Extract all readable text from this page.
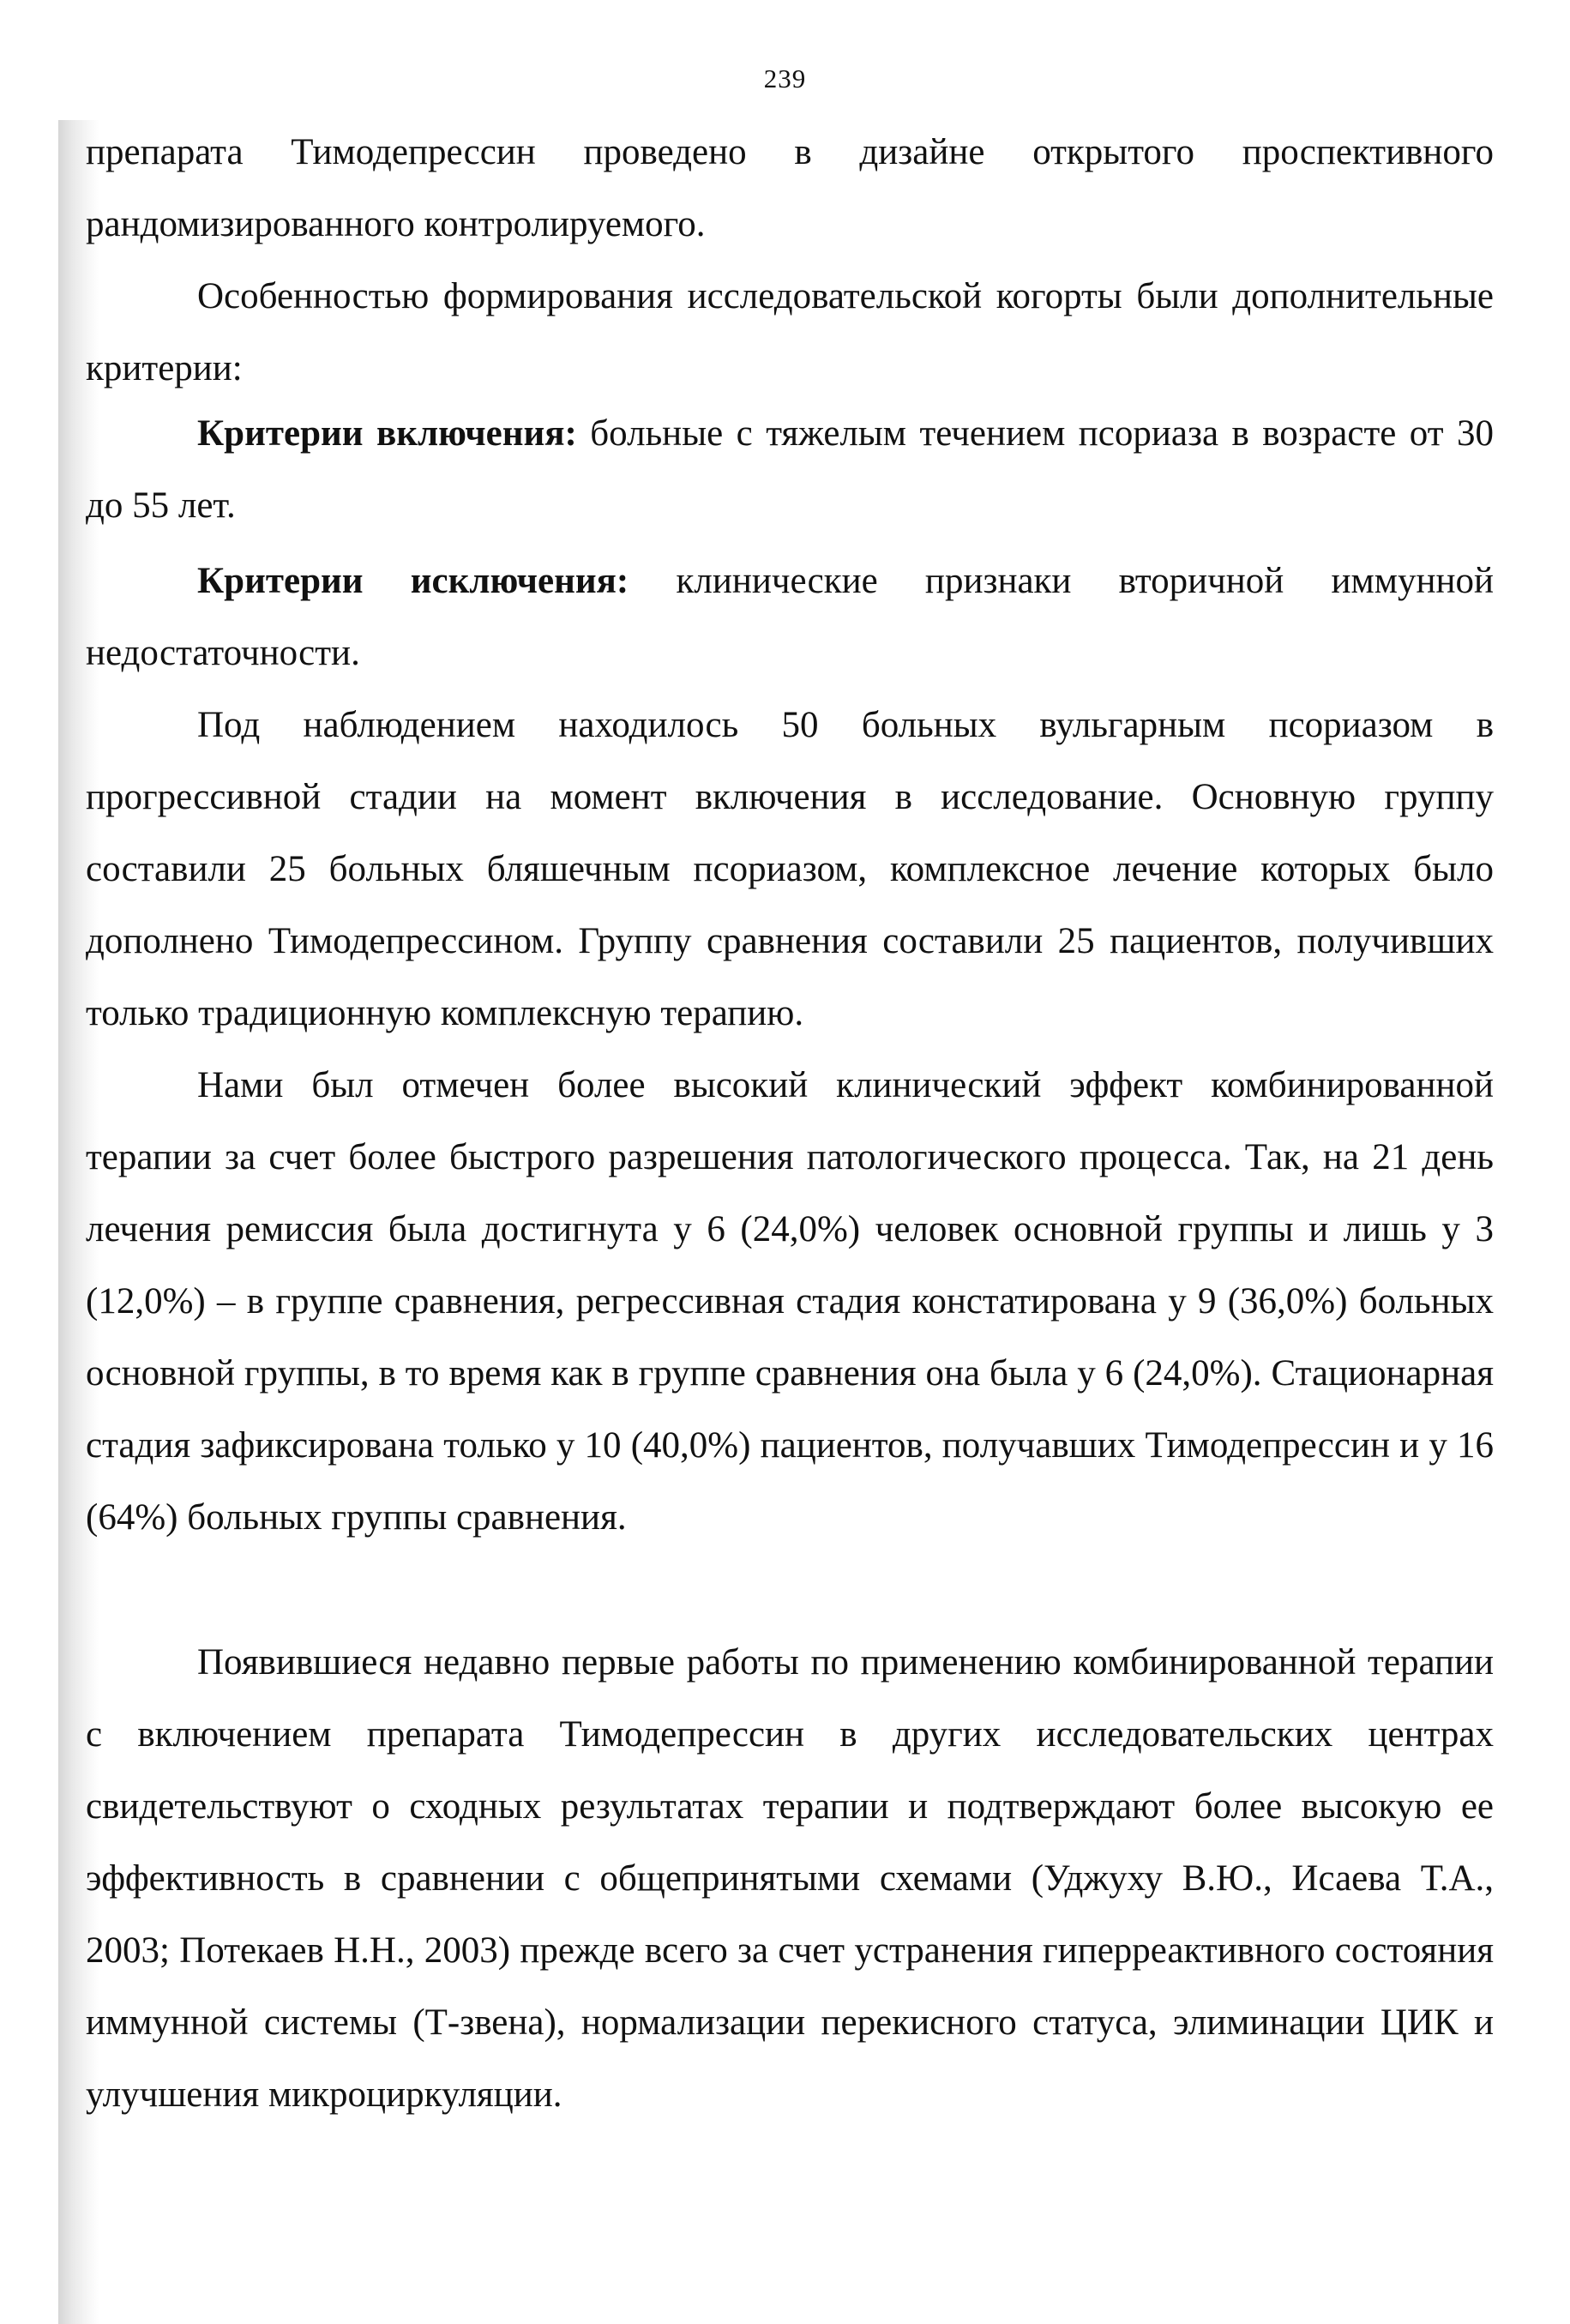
239

препарата Тимодепрессин проведено в дизайне открытого проспективного рандомизированного контролируемого.

Особенностью формирования исследовательской когорты были дополнительные критерии:

Критерии включения: больные с тяжелым течением псориаза в возрасте от 30 до 55 лет.

Критерии исключения: клинические признаки вторичной иммунной недостаточности.

Под наблюдением находилось 50 больных вульгарным псориазом в прогрессивной стадии на момент включения в исследование. Основную группу составили 25 больных бляшечным псориазом, комплексное лечение которых было дополнено Тимодепрессином. Группу сравнения составили 25 пациентов, получивших только традиционную комплексную терапию.

Нами был отмечен более высокий клинический эффект комбинированной терапии за счет более быстрого разрешения патологического процесса. Так, на 21 день лечения ремиссия была достигнута у 6 (24,0%) человек основной группы и лишь у 3 (12,0%) – в группе сравнения, регрессивная стадия констатирована у 9 (36,0%) больных основной группы, в то время как в группе сравнения она была у 6 (24,0%). Стационарная стадия зафиксирована только у 10 (40,0%) пациентов, получавших Тимодепрессин и у 16 (64%) больных группы сравнения.

Появившиеся недавно первые работы по применению комбинированной терапии с включением препарата Тимодепрессин в других исследовательских центрах свидетельствуют о сходных результатах терапии и подтверждают более высокую ее эффективность в сравнении с общепринятыми схемами (Уджуху В.Ю., Исаева Т.А., 2003; Потекаев Н.Н., 2003) прежде всего за счет устранения гиперреактивного состояния иммунной системы (Т-звена), нормализации перекисного статуса, элиминации ЦИК и улучшения микроциркуляции.
